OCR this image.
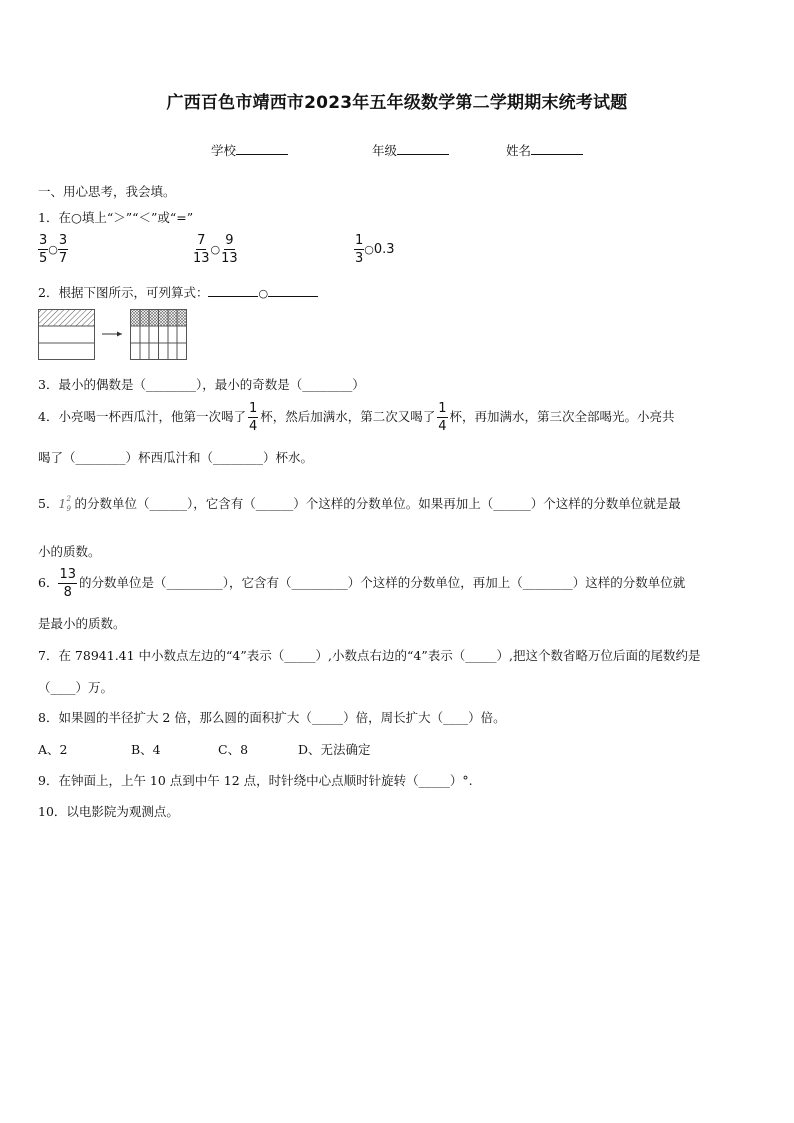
广西百色市靖西市2023年五年级数学第二学期期末统考试题
学校	年级	姓名
一、用心思考，我会填。
1．在○填上“＞”“＜”或“=”
$\frac{3}{5}$ ○ $\frac{3}{7}$	$\frac{7}{13}$ ○ $\frac{9}{13}$	$\frac{1}{3}$ ○0.3
2．根据下图所示，可列算式：	○
3．最小的偶数是（________），最小的奇数是（________）
4．小亮喝一杯西瓜汁，他第一次喝了 $\frac{1}{4}$ 杯，然后加满水，第二次又喝了 $\frac{1}{4}$ 杯，再加满水，第三次全部喝光。小亮共
喝了（________）杯西瓜汁和（________）杯水。
5． 1 2
9 的分数单位（______），它含有（______）个这样的分数单位。如果再加上（______）个这样的分数单位就是最
小的质数。
6． $\frac{13}{8}$ 的分数单位是（_________），它含有（_________）个这样的分数单位，再加上（________）这样的分数单位就
是最小的质数。
7．在 78941.41 中小数点左边的“4”表示（_____）,小数点右边的“4”表示（_____）,把这个数省略万位后面的尾数约是
（____）万。
8．如果圆的半径扩大 2 倍，那么圆的面积扩大（_____）倍，周长扩大（____）倍。
A、2	B、4	C、8	D、无法确定
9．在钟面上，上午 10 点到中午 12 点，时针绕中心点顺时针旋转（_____）°.
10．以电影院为观测点。
